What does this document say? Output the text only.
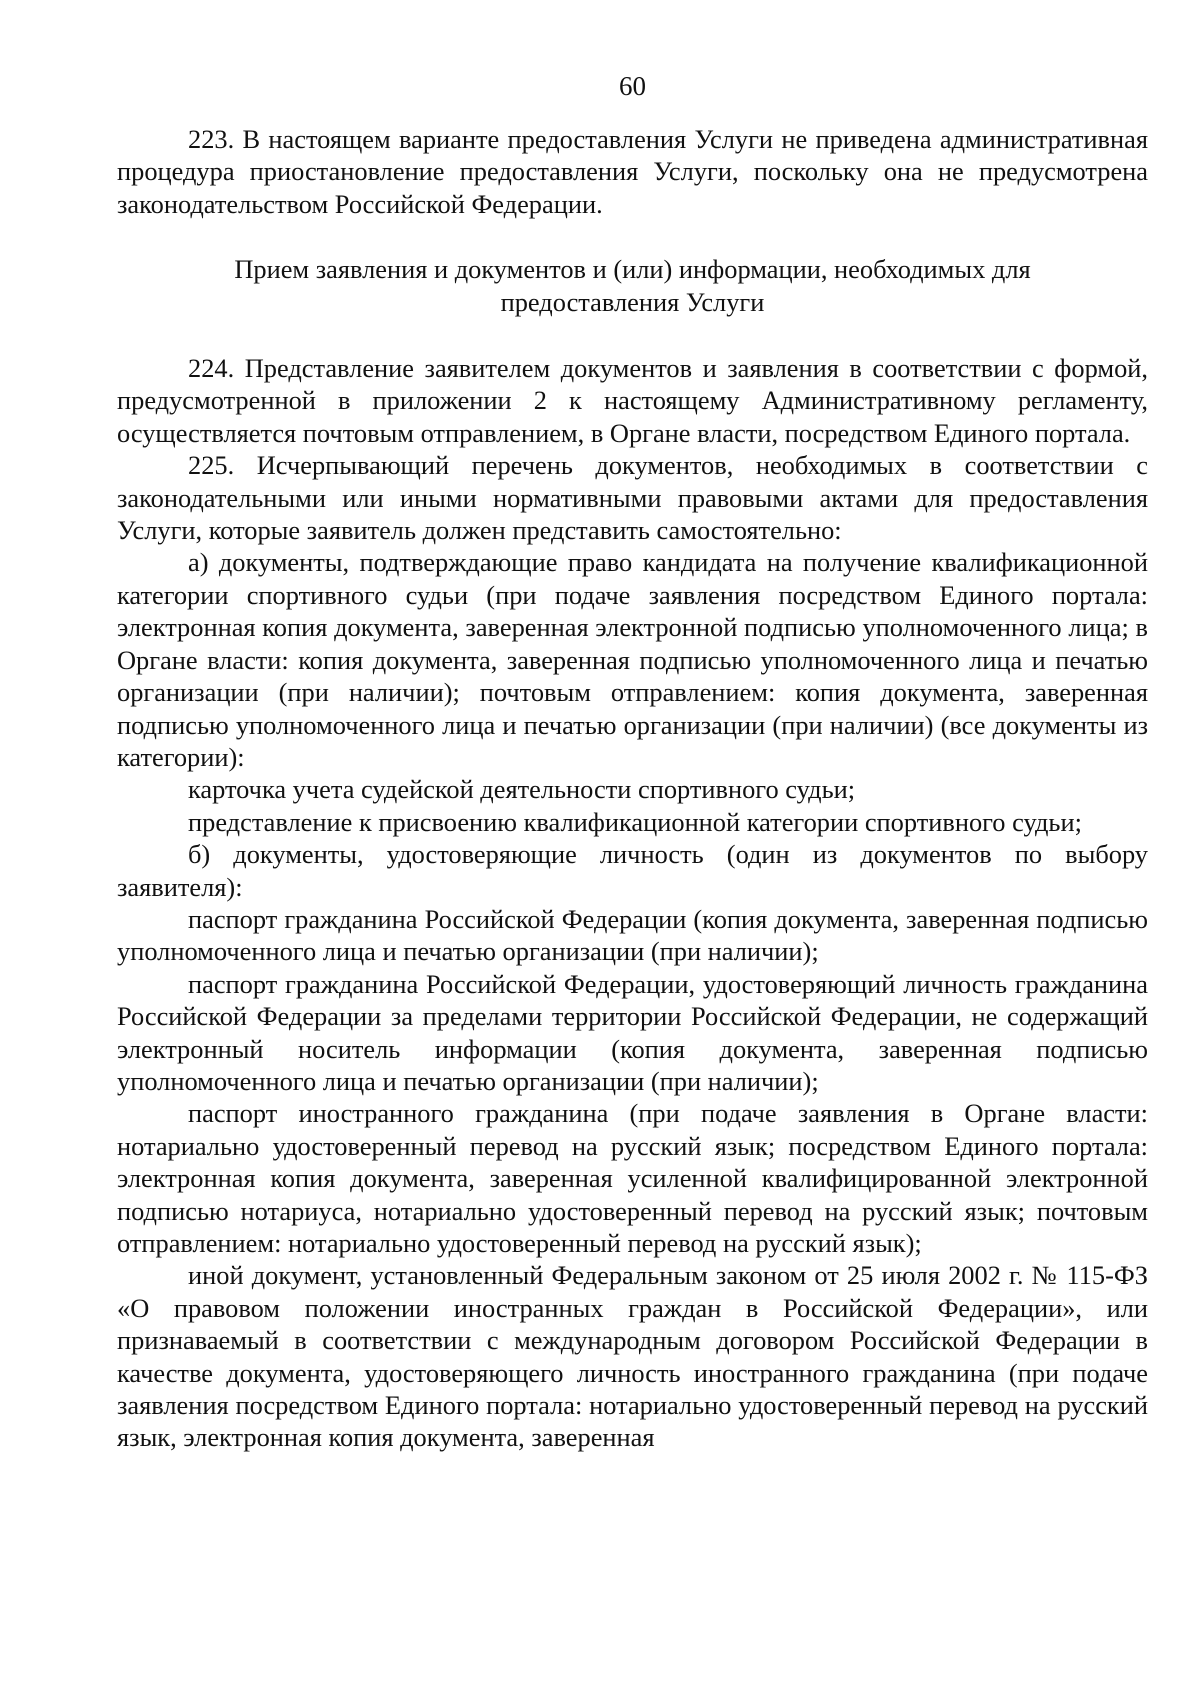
60

223. В настоящем варианте предоставления Услуги не приведена административная процедура приостановление предоставления Услуги, поскольку она не предусмотрена законодательством Российской Федерации.

Прием заявления и документов и (или) информации, необходимых для
предоставления Услуги

224. Представление заявителем документов и заявления в соответствии с формой, предусмотренной в приложении 2 к настоящему Административному регламенту, осуществляется почтовым отправлением, в Органе власти, посредством Единого портала.

225. Исчерпывающий перечень документов, необходимых в соответствии с законодательными или иными нормативными правовыми актами для предоставления Услуги, которые заявитель должен представить самостоятельно:

а) документы, подтверждающие право кандидата на получение квалификационной категории спортивного судьи (при подаче заявления посредством Единого портала: электронная копия документа, заверенная электронной подписью уполномоченного лица; в Органе власти: копия документа, заверенная подписью уполномоченного лица и печатью организации (при наличии); почтовым отправлением: копия документа, заверенная подписью уполномоченного лица и печатью организации (при наличии) (все документы из категории):

карточка учета судейской деятельности спортивного судьи;

представление к присвоению квалификационной категории спортивного судьи;

б) документы, удостоверяющие личность (один из документов по выбору заявителя):

паспорт гражданина Российской Федерации (копия документа, заверенная подписью уполномоченного лица и печатью организации (при наличии);

паспорт гражданина Российской Федерации, удостоверяющий личность гражданина Российской Федерации за пределами территории Российской Федерации, не содержащий электронный носитель информации (копия документа, заверенная подписью уполномоченного лица и печатью организации (при наличии);

паспорт иностранного гражданина (при подаче заявления в Органе власти: нотариально удостоверенный перевод на русский язык; посредством Единого портала: электронная копия документа, заверенная усиленной квалифицированной электронной подписью нотариуса, нотариально удостоверенный перевод на русский язык; почтовым отправлением: нотариально удостоверенный перевод на русский язык);

иной документ, установленный Федеральным законом от 25 июля 2002 г. № 115-ФЗ «О правовом положении иностранных граждан в Российской Федерации», или признаваемый в соответствии с международным договором Российской Федерации в качестве документа, удостоверяющего личность иностранного гражданина (при подаче заявления посредством Единого портала: нотариально удостоверенный перевод на русский язык, электронная копия документа, заверенная
